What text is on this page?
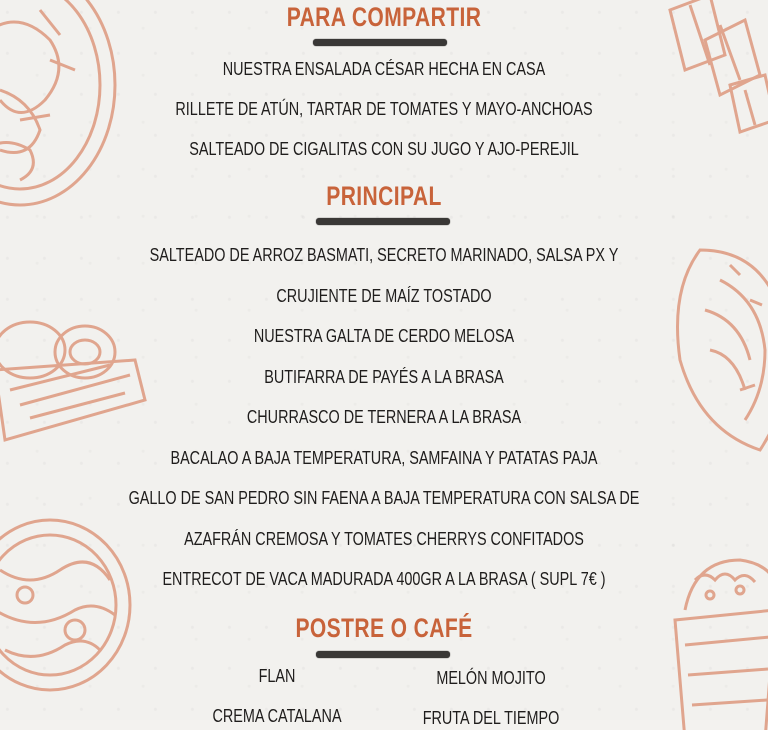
PARA COMPARTIR
NUESTRA ENSALADA CÉSAR HECHA EN CASA
RILLETE DE ATÚN, TARTAR DE TOMATES Y MAYO-ANCHOAS
SALTEADO DE CIGALITAS CON SU JUGO Y AJO-PEREJIL
PRINCIPAL
SALTEADO DE ARROZ BASMATI, SECRETO MARINADO, SALSA PX Y
CRUJIENTE DE MAÍZ TOSTADO
NUESTRA GALTA DE CERDO MELOSA
BUTIFARRA DE PAYÉS A LA BRASA
CHURRASCO DE TERNERA A LA BRASA
BACALAO A BAJA TEMPERATURA, SAMFAINA Y PATATAS PAJA
GALLO DE SAN PEDRO SIN FAENA A BAJA TEMPERATURA CON SALSA DE
AZAFRÁN CREMOSA Y TOMATES CHERRYS CONFITADOS
ENTRECOT DE VACA MADURADA 400GR A LA BRASA ( SUPL 7€ )
POSTRE O CAFÉ
FLAN
CREMA CATALANA
MELÓN MOJITO
FRUTA DEL TIEMPO
